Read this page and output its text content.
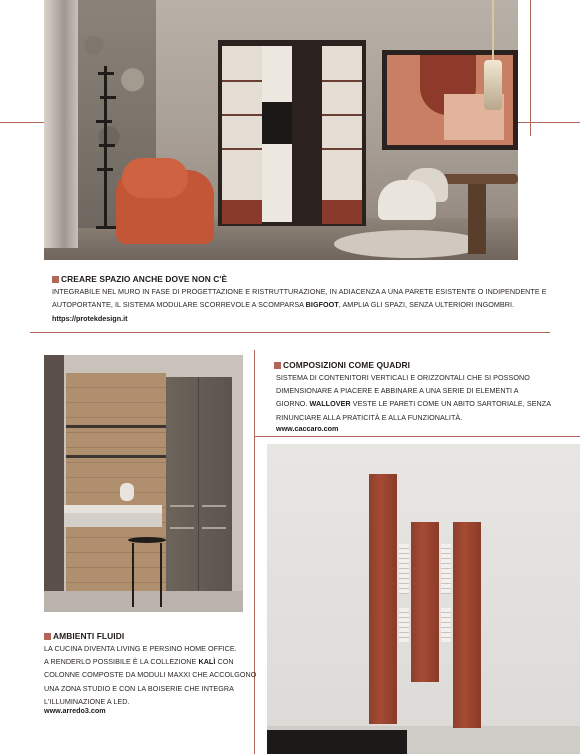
CREARE SPAZIO ANCHE DOVE NON C'È
INTEGRABILE NEL MURO IN FASE DI PROGETTAZIONE E RISTRUTTURAZIONE, IN ADIACENZA A UNA PARETE ESISTENTE O INDIPENDENTE E
AUTOPORTANTE, IL SISTEMA MODULARE SCORREVOLE A SCOMPARSA BIGFOOT, AMPLIA GLI SPAZI, SENZA ULTERIORI INGOMBRI.
https://protekdesign.it
COMPOSIZIONI COME QUADRI
SISTEMA DI CONTENITORI VERTICALI E ORIZZONTALI CHE SI POSSONO
DIMENSIONARE A PIACERE E ABBINARE A UNA SERIE DI ELEMENTI A
GIORNO. WALLOVER VESTE LE PARETI COME UN ABITO SARTORIALE, SENZA
RINUNCIARE ALLA PRATICITÀ E ALLA FUNZIONALITÀ.
www.caccaro.com
AMBIENTI FLUIDI
LA CUCINA DIVENTA LIVING E PERSINO HOME OFFICE.
A RENDERLO POSSIBILE È LA COLLEZIONE KALÌ CON
COLONNE COMPOSTE DA MODULI MAXXI CHE ACCOLGONO
UNA ZONA STUDIO E CON LA BOISERIE CHE INTEGRA
L'ILLUMINAZIONE A LED.
www.arredo3.com
